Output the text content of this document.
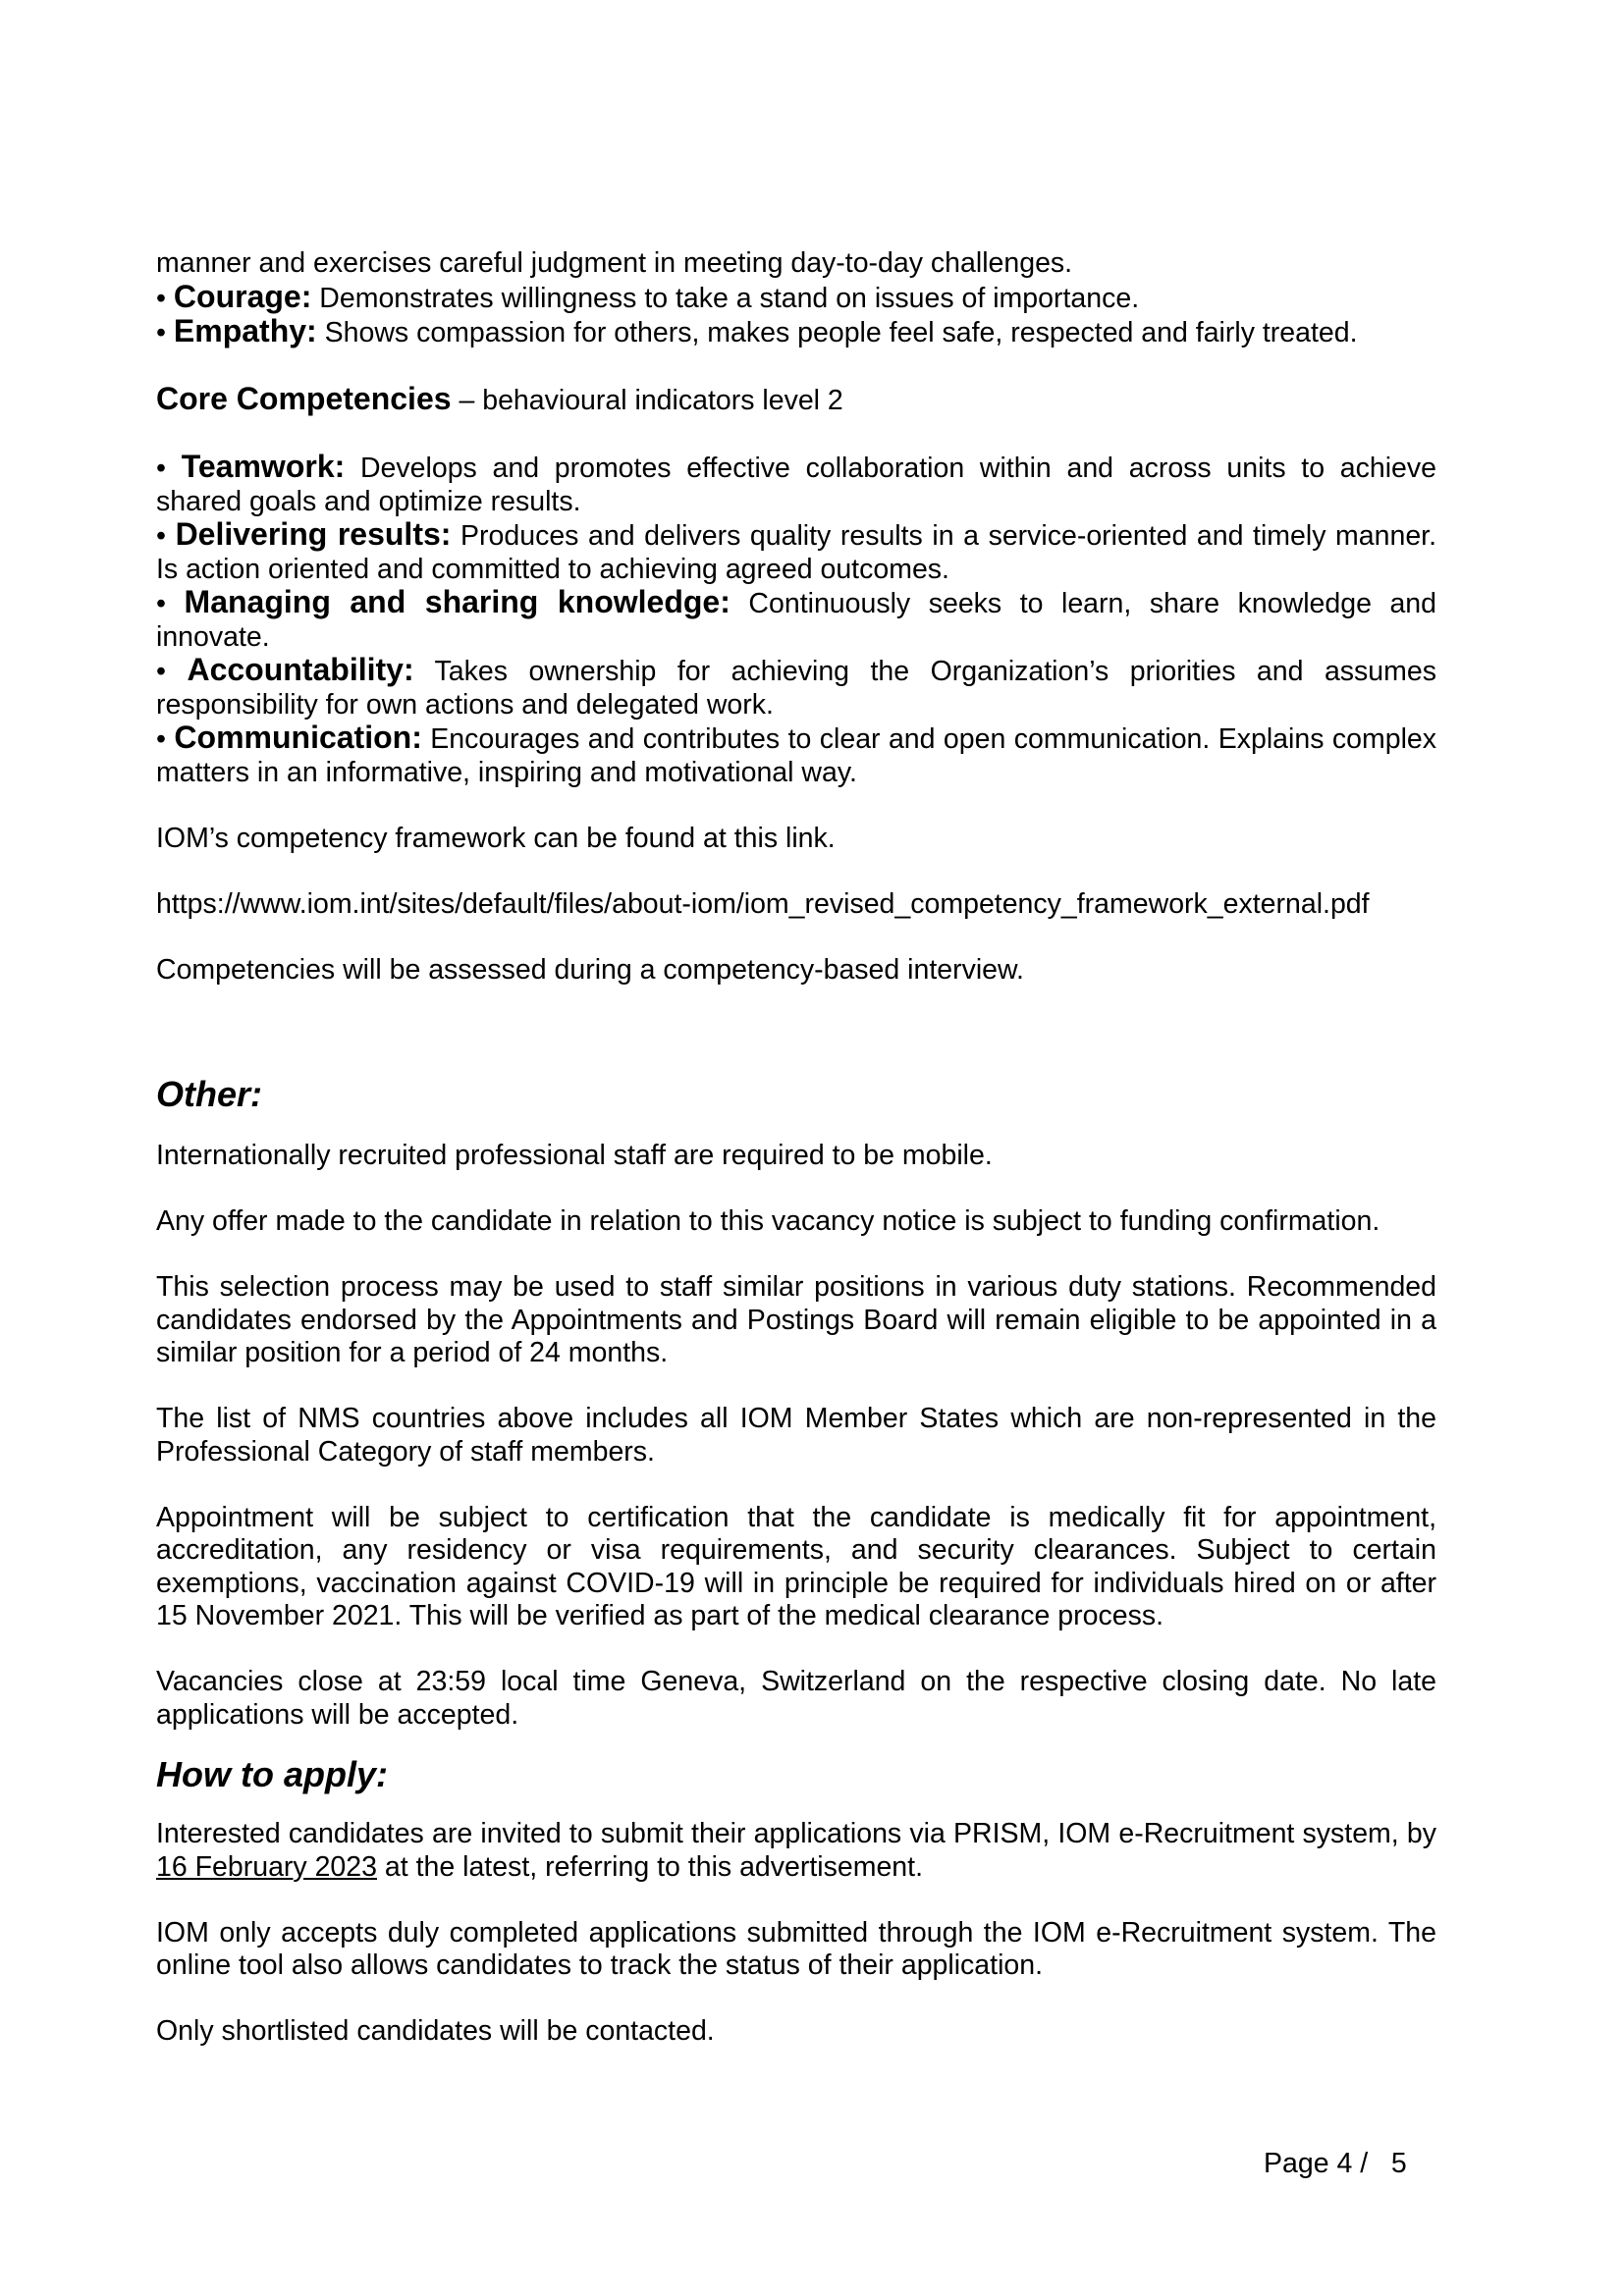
manner and exercises careful judgment in meeting day-to-day challenges.

• Courage: Demonstrates willingness to take a stand on issues of importance.

• Empathy: Shows compassion for others, makes people feel safe, respected and fairly treated.

Core Competencies – behavioural indicators level 2

• Teamwork: Develops and promotes effective collaboration within and across units to achieve shared goals and optimize results.

• Delivering results: Produces and delivers quality results in a service-oriented and timely manner. Is action oriented and committed to achieving agreed outcomes.

• Managing and sharing knowledge: Continuously seeks to learn, share knowledge and innovate.

• Accountability: Takes ownership for achieving the Organization’s priorities and assumes responsibility for own actions and delegated work.

• Communication: Encourages and contributes to clear and open communication. Explains complex matters in an informative, inspiring and motivational way.

IOM’s competency framework can be found at this link.

https://www.iom.int/sites/default/files/about-iom/iom_revised_competency_framework_external.pdf

Competencies will be assessed during a competency-based interview.

Other:

Internationally recruited professional staff are required to be mobile.

Any offer made to the candidate in relation to this vacancy notice is subject to funding confirmation.

This selection process may be used to staff similar positions in various duty stations. Recommended candidates endorsed by the Appointments and Postings Board will remain eligible to be appointed in a similar position for a period of 24 months.

The list of NMS countries above includes all IOM Member States which are non-represented in the Professional Category of staff members.

Appointment will be subject to certification that the candidate is medically fit for appointment, accreditation, any residency or visa requirements, and security clearances. Subject to certain exemptions, vaccination against COVID-19 will in principle be required for individuals hired on or after 15 November 2021. This will be verified as part of the medical clearance process.

Vacancies close at 23:59 local time Geneva, Switzerland on the respective closing date. No late applications will be accepted.

How to apply:

Interested candidates are invited to submit their applications via PRISM, IOM e-Recruitment system, by 16 February 2023 at the latest, referring to this advertisement.

IOM only accepts duly completed applications submitted through the IOM e-Recruitment system. The online tool also allows candidates to track the status of their application.

Only shortlisted candidates will be contacted.

Page 4 /   5
